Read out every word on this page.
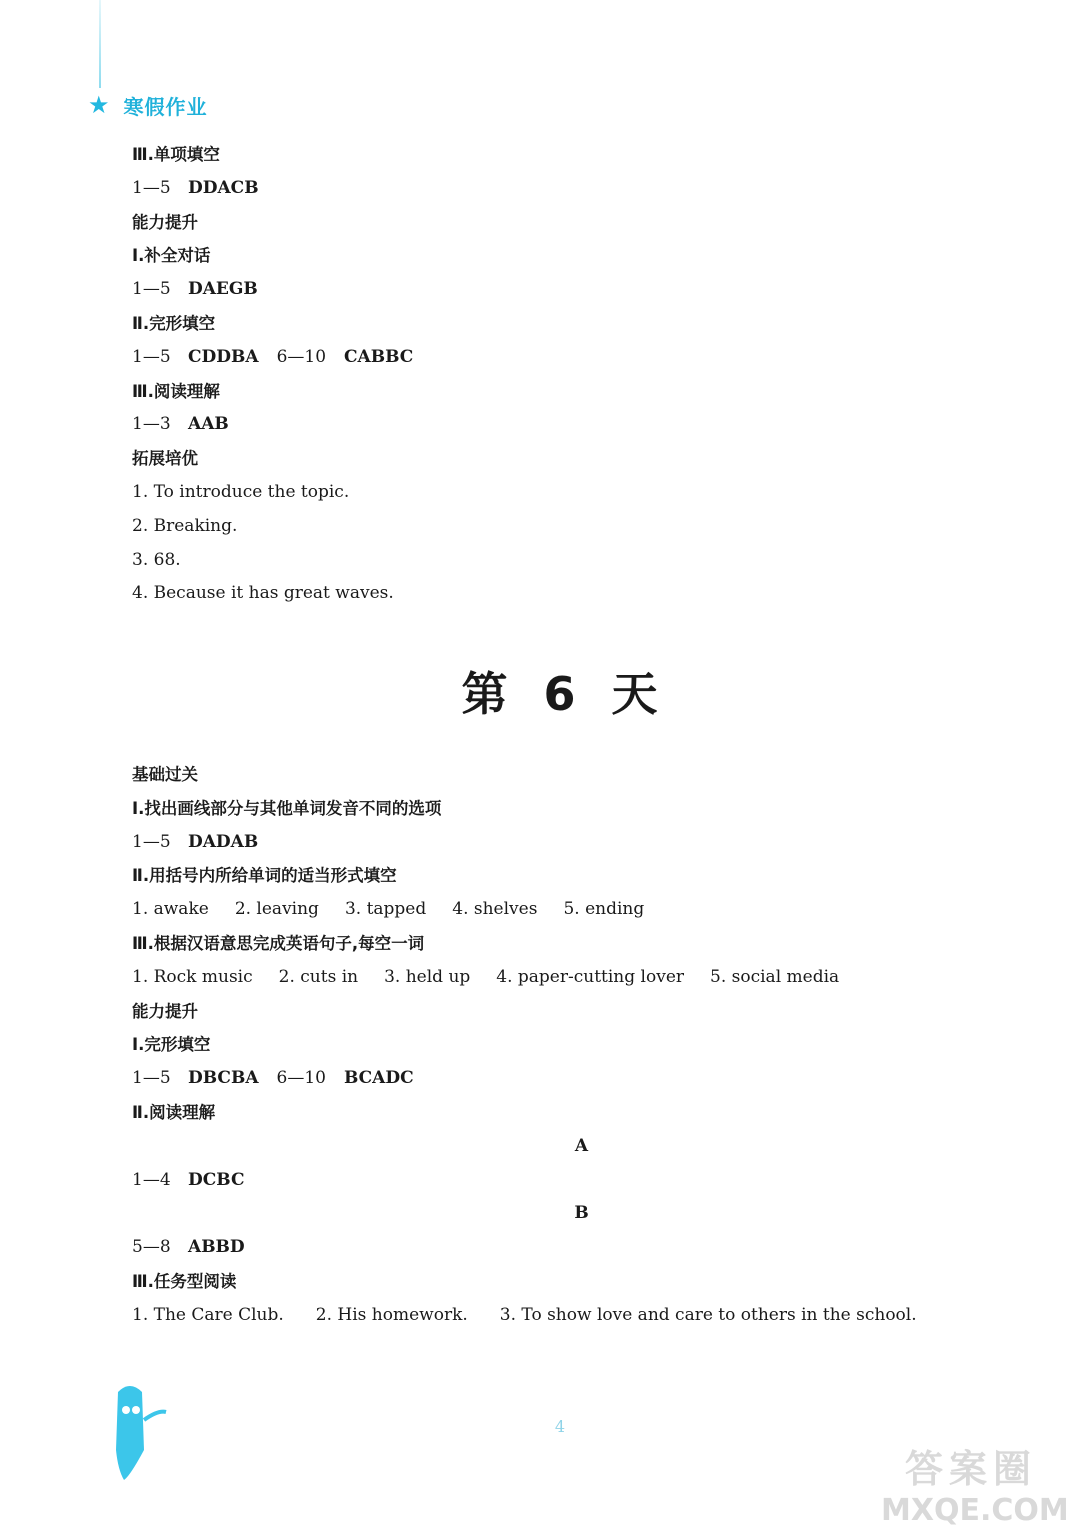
★ 寒假作业
Ⅲ.单项填空
1—5 DDACB
能力提升
Ⅰ.补全对话
1—5 DAEGB
Ⅱ.完形填空
1—5 CDDBA 6—10 CABBC
Ⅲ.阅读理解
1—3 AAB
拓展培优
1. To introduce the topic.
2. Breaking.
3. 68.
4. Because it has great waves.
第 6 天
基础过关
Ⅰ.找出画线部分与其他单词发音不同的选项
1—5 DADAB
Ⅱ.用括号内所给单词的适当形式填空
1. awake 2. leaving 3. tapped 4. shelves 5. ending
Ⅲ.根据汉语意思完成英语句子,每空一词
1. Rock music 2. cuts in 3. held up 4. paper-cutting lover 5. social media
能力提升
Ⅰ.完形填空
1—5 DBCBA 6—10 BCADC
Ⅱ.阅读理解
A
1—4 DCBC
B
5—8 ABBD
Ⅲ.任务型阅读
1. The Care Club. 2. His homework. 3. To show love and care to others in the school.
4
答案圈
MXQE.COM
